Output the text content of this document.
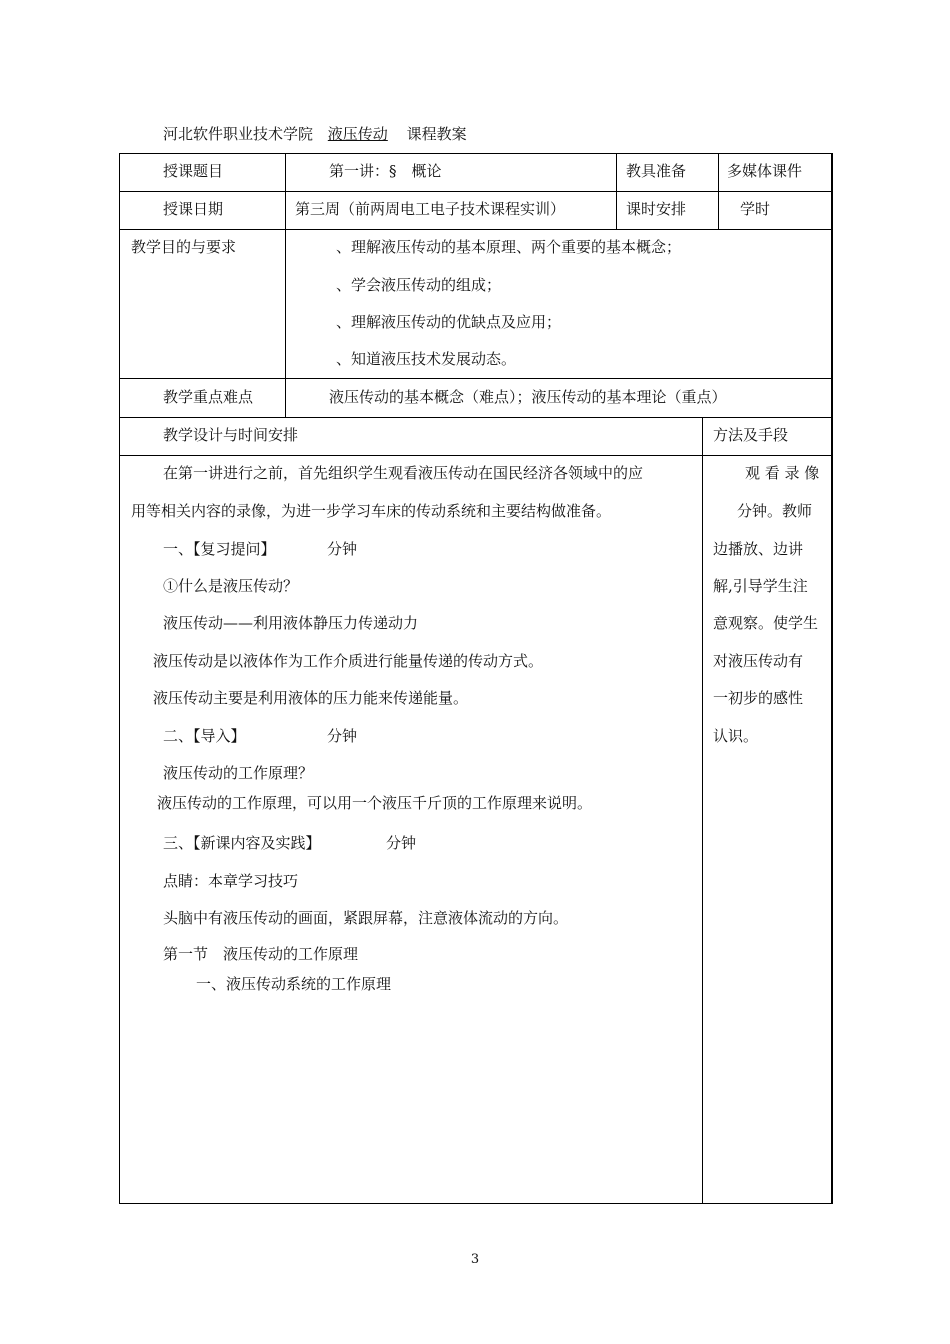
河北软件职业技术学院 液压传动 课程教案
授课题目	第一讲：§　概论	教具准备	多媒体课件
授课日期	第三周（前两周电工电子技术课程实训）	课时安排	学时
教学目的与要求	、理解液压传动的基本原理、两个重要的基本概念；
、学会液压传动的组成；
、理解液压传动的优缺点及应用；
、知道液压技术发展动态。
教学重点难点	液压传动的基本概念（难点）；液压传动的基本理论（重点）
教学设计与时间安排	方法及手段
在第一讲进行之前，首先组织学生观看液压传动在国民经济各领域中的应
用等相关内容的录像，为进一步学习车床的传动系统和主要结构做准备。
一、【复习提问】	分钟
①什么是液压传动？
液压传动——利用液体静压力传递动力
液压传动是以液体作为工作介质进行能量传递的传动方式。
液压传动主要是利用液体的压力能来传递能量。
二、【导入】	分钟
液压传动的工作原理？
液压传动的工作原理，可以用一个液压千斤顶的工作原理来说明。
三、【新课内容及实践】	分钟
点睛：本章学习技巧
头脑中有液压传动的画面，紧跟屏幕，注意液体流动的方向。
第一节　液压传动的工作原理
一、液压传动系统的工作原理
观 看 录 像
分钟。教师
边播放、边讲
解,引导学生注
意观察。使学生
对液压传动有
一初步的感性
认识。
3
